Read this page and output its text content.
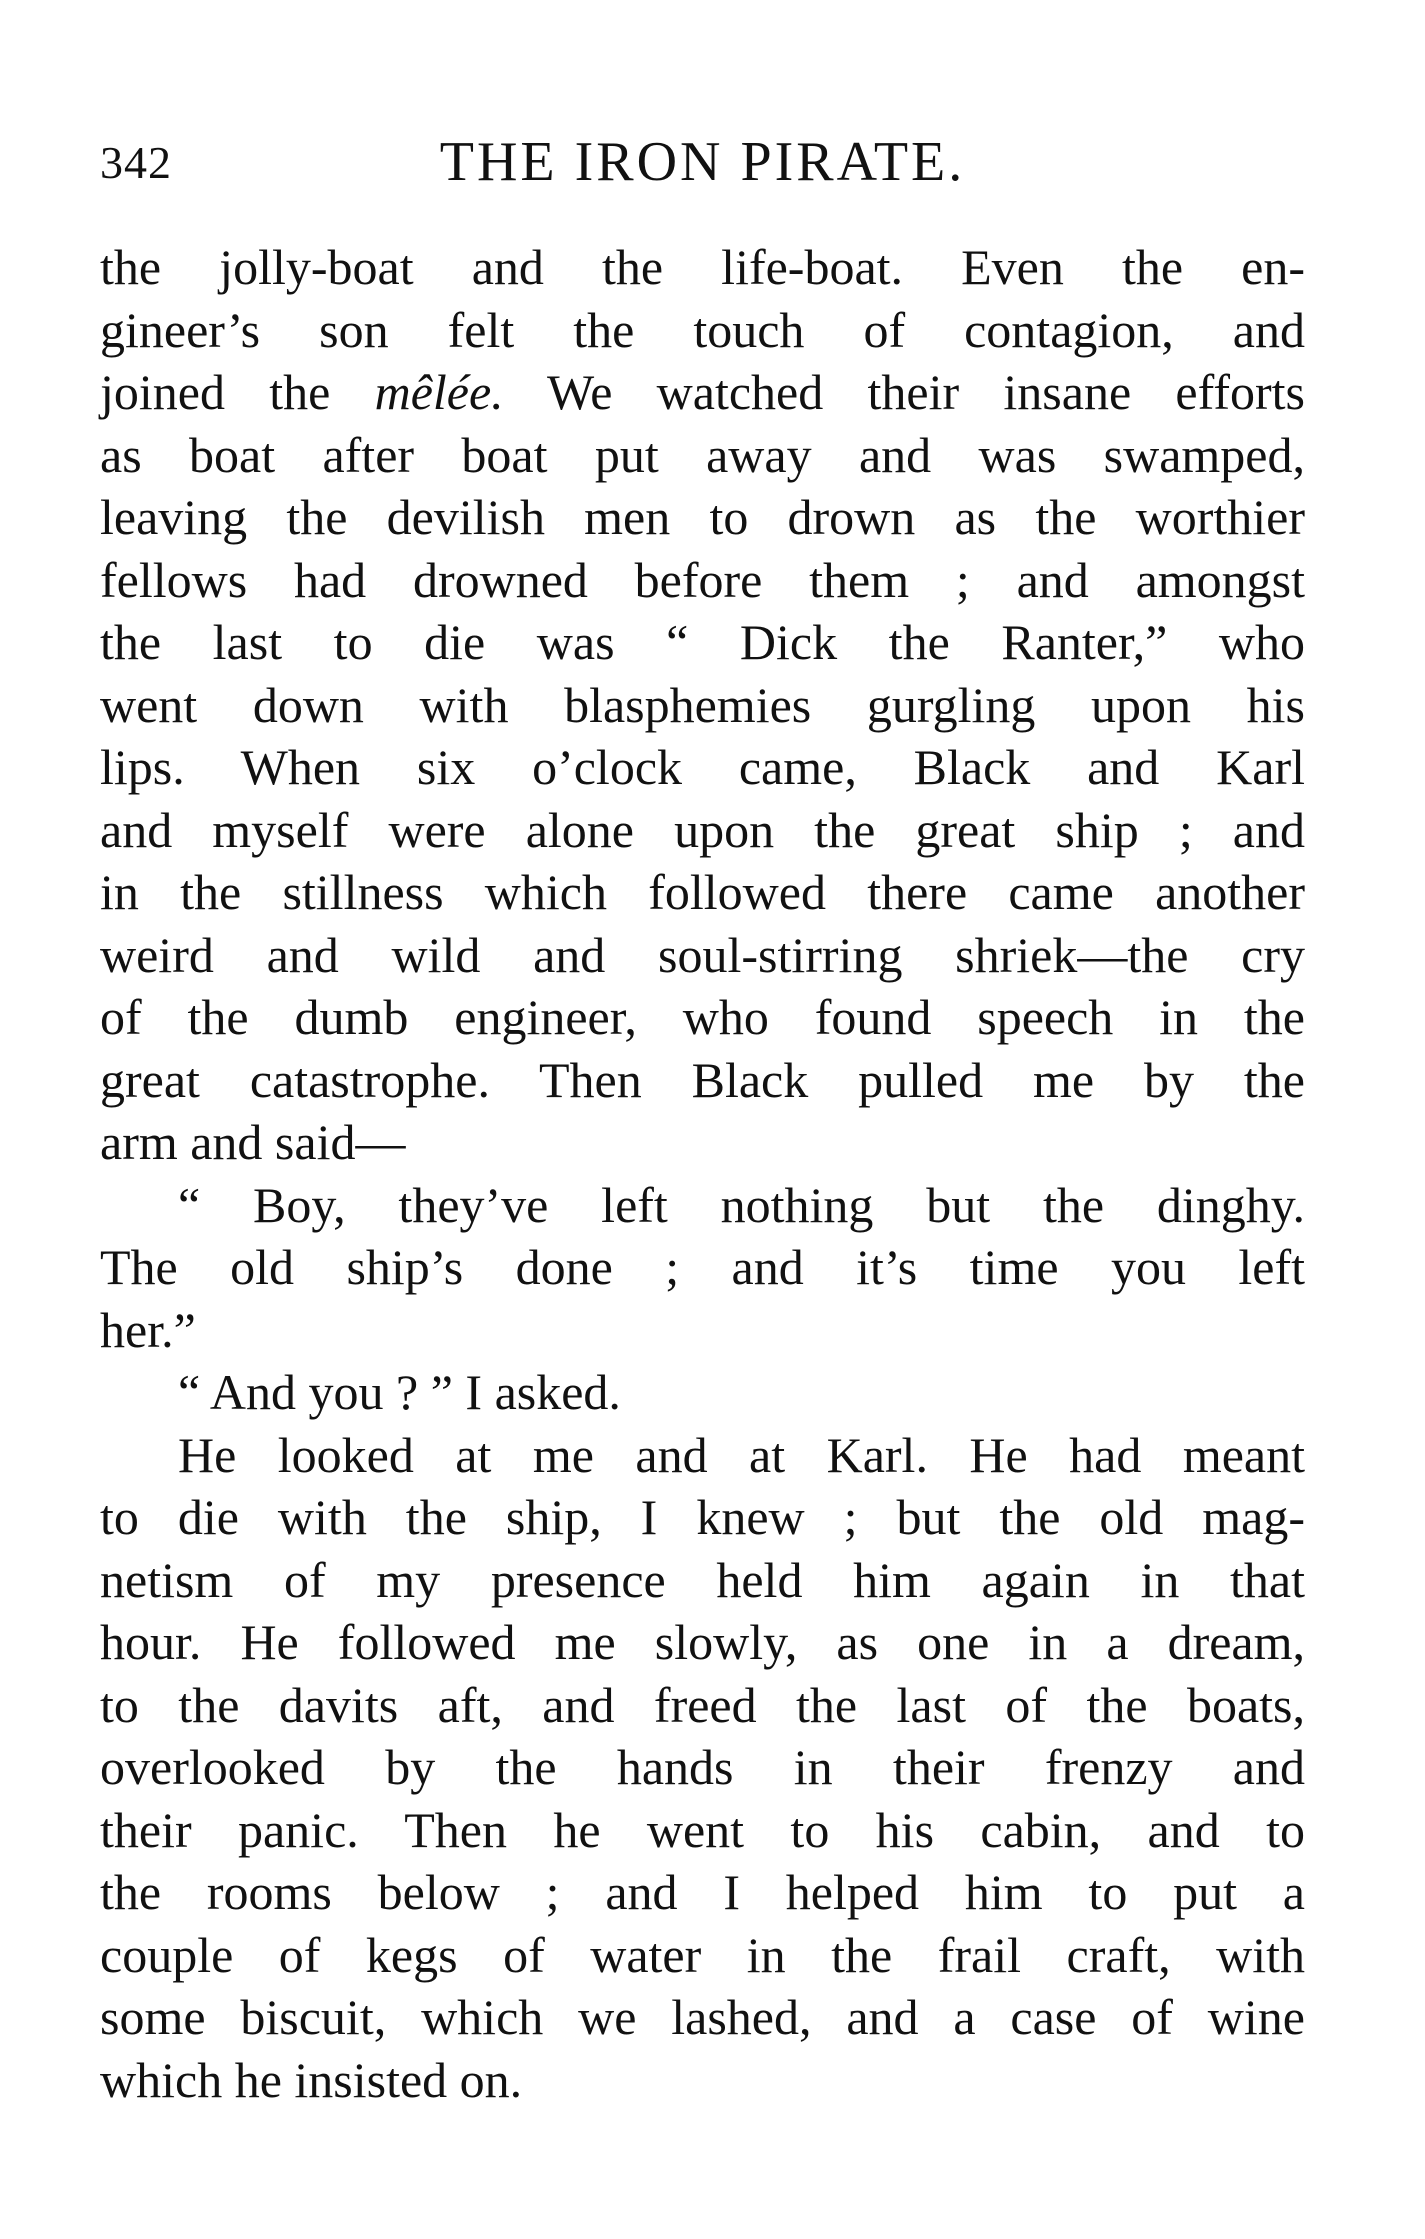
342	THE IRON PIRATE.
the jolly-boat and the life-boat. Even the en-
gineer’s son felt the touch of contagion, and
joined the mêlée. We watched their insane efforts
as boat after boat put away and was swamped,
leaving the devilish men to drown as the worthier
fellows had drowned before them ; and amongst
the last to die was “ Dick the Ranter,” who
went down with blasphemies gurgling upon his
lips. When six o’clock came, Black and Karl
and myself were alone upon the great ship ; and
in the stillness which followed there came another
weird and wild and soul-stirring shriek—the cry
of the dumb engineer, who found speech in the
great catastrophe. Then Black pulled me by the
arm and said—
“ Boy, they’ve left nothing but the dinghy.
The old ship’s done ; and it’s time you left
her.”
“ And you ? ” I asked.
He looked at me and at Karl. He had meant
to die with the ship, I knew ; but the old mag-
netism of my presence held him again in that
hour. He followed me slowly, as one in a dream,
to the davits aft, and freed the last of the boats,
overlooked by the hands in their frenzy and
their panic. Then he went to his cabin, and to
the rooms below ; and I helped him to put a
couple of kegs of water in the frail craft, with
some biscuit, which we lashed, and a case of wine
which he insisted on.
